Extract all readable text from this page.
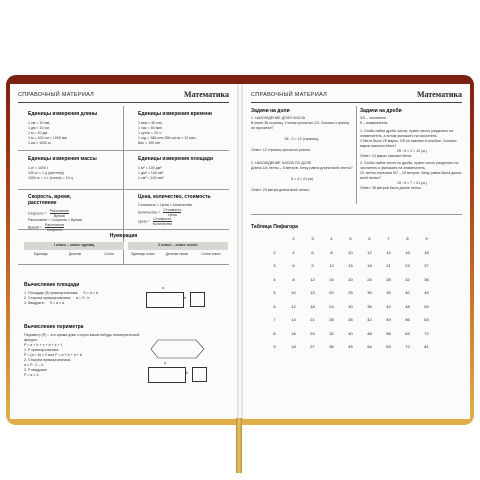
СПРАВОЧНЫЙ МАТЕРИАЛ	Математика
Единицы измерения длины
1 см = 10 мм
1 дм = 10 см
1 м = 10 дм
1 м = 100 см = 1000 мм
1 км = 1000 м
Единицы измерения времени
1 мин = 60 сек.
1 час = 60 мин.
1 сутки = 24 ч.
1 год = 365 или 366 суток = 12 мес.
Век = 100 лет
Единицы измерения массы
1 кг = 1000 г
100 кг = 1 ц (центнер)
1000 кг = 1 т (тонна) = 10 ц
Единицы измерения площади
1 м² = 100 дм²
1 дм² = 100 см²
1 см² = 100 мм²
Скорость, время, расстояние
Скорость =
Расстояние
Время
Расстояние = Скорость × Время
Время =
Расстояние
Скорость
Цена, количество, стоимость
Стоимость = Цена × Количество
Количество =
Стоимость
Цена
Цена =
Стоимость
Количество
Нумерация
I класс – класс единиц	II класс – класс тысяч
Единицы	Десятки	Сотни	Единицы тысяч	Десятки тысяч	Сотни тысяч
Вычисление площади
1. Площадь (S) прямоугольника: S = a × b
2. Сторона прямоугольника: a = S : b
3. Квадрата: S = a × a
a
b
Вычисление периметра
Периметр (P) – это сумма длин сторон какой-нибудь геометрической фигуры:
P = a + b + c + d + e + f.
1. P прямоугольника:
P = (a + b) × 2 или P = a + b + a + b
2. Сторона прямоугольника:
a = P : 2 – b.
3. P квадрата:
P = a × 4.
a
b
СПРАВОЧНЫЙ МАТЕРИАЛ	Математика
Задачи на доли
1. НАХОЖДЕНИЕ ДОЛИ ЧИСЛА
В книге 36 страниц. Ученик прочитал 1/3. Сколько страниц он прочитал?
36 : 3 = 12 (страниц).
Ответ: 12 страниц прочитал ученик.
2. НАХОЖДЕНИЕ ЧИСЛА ПО ДОЛЕ
Длина 1/4 ленты – 6 метров. Чему равна длина всей ленты?
6 × 4 = 24 (м)
Ответ: 24 метра длина всей ленты.
Задачи на дроби
3/5 – числитель
5 – знаменатель
1. Чтобы найти дробь числа, нужно число разделить на знаменатель, а потом умножить на числитель.
У Мити было 25 марок. 2/5 он накопил в альбом. Сколько марок накопил Митя?
25 : 5 × 2 = 10 (м.)
Ответ: 10 марок накопил Митя.
2. Чтобы найти число по дроби, нужно число разделить на числитель и умножить на знаменатель.
От ленты отрезали 5/7 – 15 метров. Чему равна была длина всей ленты?
15 : 5 × 7 = 21 (м.)
Ответ: 35 метров была длина ленты.
Таблица Пифагора
	2	3	4	5	6	7	8	9
2	4	6	8	10	12	14	16	18
3	6	9	12	15	18	21	24	27
4	8	12	16	20	24	28	32	36
5	10	15	20	25	30	35	40	45
6	12	18	24	30	36	42	48	54
7	14	21	28	35	42	49	56	63
8	16	24	32	40	48	56	64	72
9	18	27	36	45	54	63	72	81
